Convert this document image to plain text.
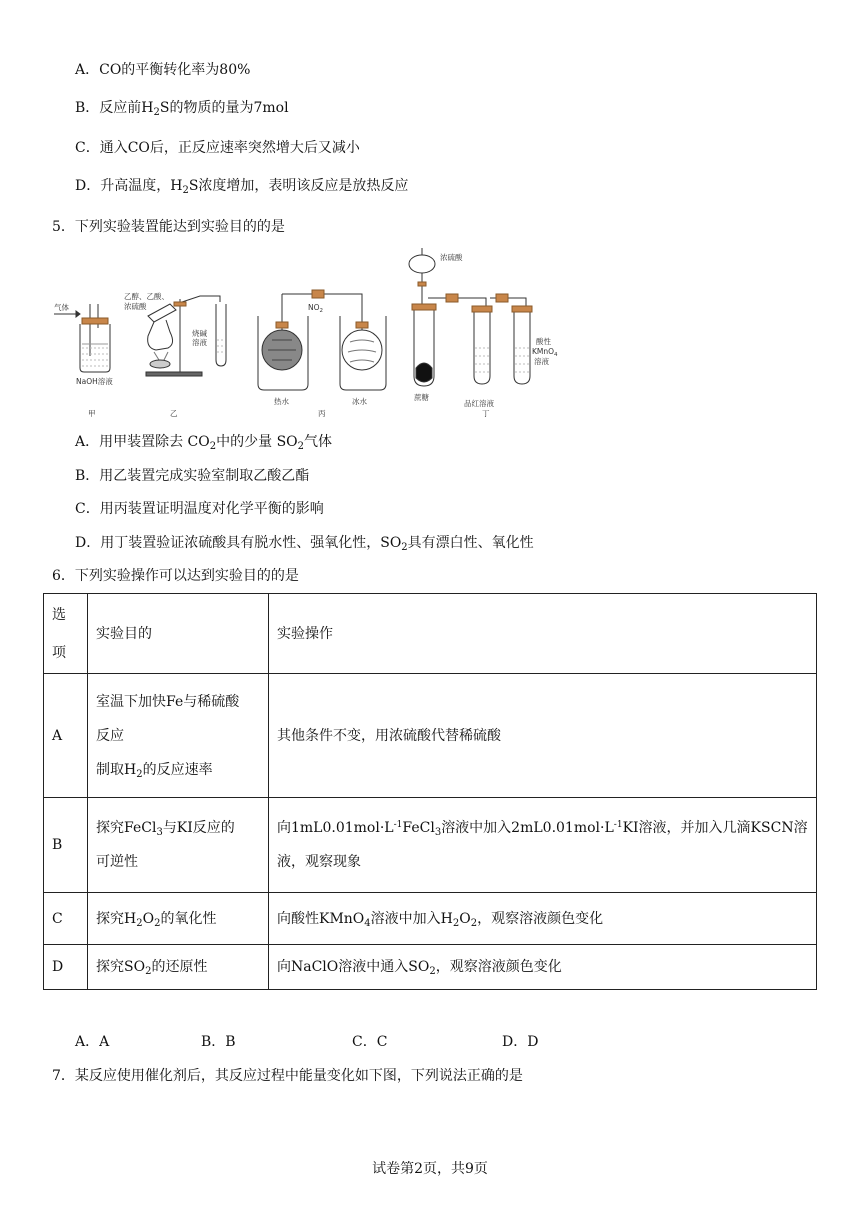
A．CO的平衡转化率为80%
B．反应前$H_2S$的物质的量为7mol
C．通入CO后，正反应速率突然增大后又减小
D．升高温度，$H_2S$浓度增加，表明该反应是放热反应
5．下列实验装置能达到实验目的的是
气体
NaOH溶液
乙醇、乙酸、
浓硫酸
烧碱
溶液
$NO_2$
热水	冰水
浓硫酸
蔗糖
品红溶液
酸性
KMnO$_4$
溶液
甲	乙	丙	丁
A．用甲装置除去 $CO_2$中的少量 $SO_2$气体
B．用乙装置完成实验室制取乙酸乙酯
C．用丙装置证明温度对化学平衡的影响
D．用丁装置验证浓硫酸具有脱水性、强氧化性，$SO_2$具有漂白性、氧化性
6．下列实验操作可以达到实验目的的是
选
项	实验目的	实验操作
A	室温下加快Fe与稀硫酸
反应
制取$H_2$的反应速率	其他条件不变，用浓硫酸代替稀硫酸
B	探究FeCl$_3$与KI反应的
可逆性	向$1mL0.01mol\cdot L^{-1}FeCl_3$溶液中加入$2mL0.01mol\cdot L^{-1}KI$溶液，并加入几滴KSCN溶
液，观察现象

C	探究$H_2O_2$的氧化性	向酸性KMnO$_4$溶液中加入$H_2O_2$，观察溶液颜色变化
D	探究$SO_2$的还原性	向NaClO溶液中通入$SO_2$，观察溶液颜色变化
A．A	B．B	C．C	D．D
7．某反应使用催化剂后，其反应过程中能量变化如下图，下列说法正确的是
试卷第2页，共9页
